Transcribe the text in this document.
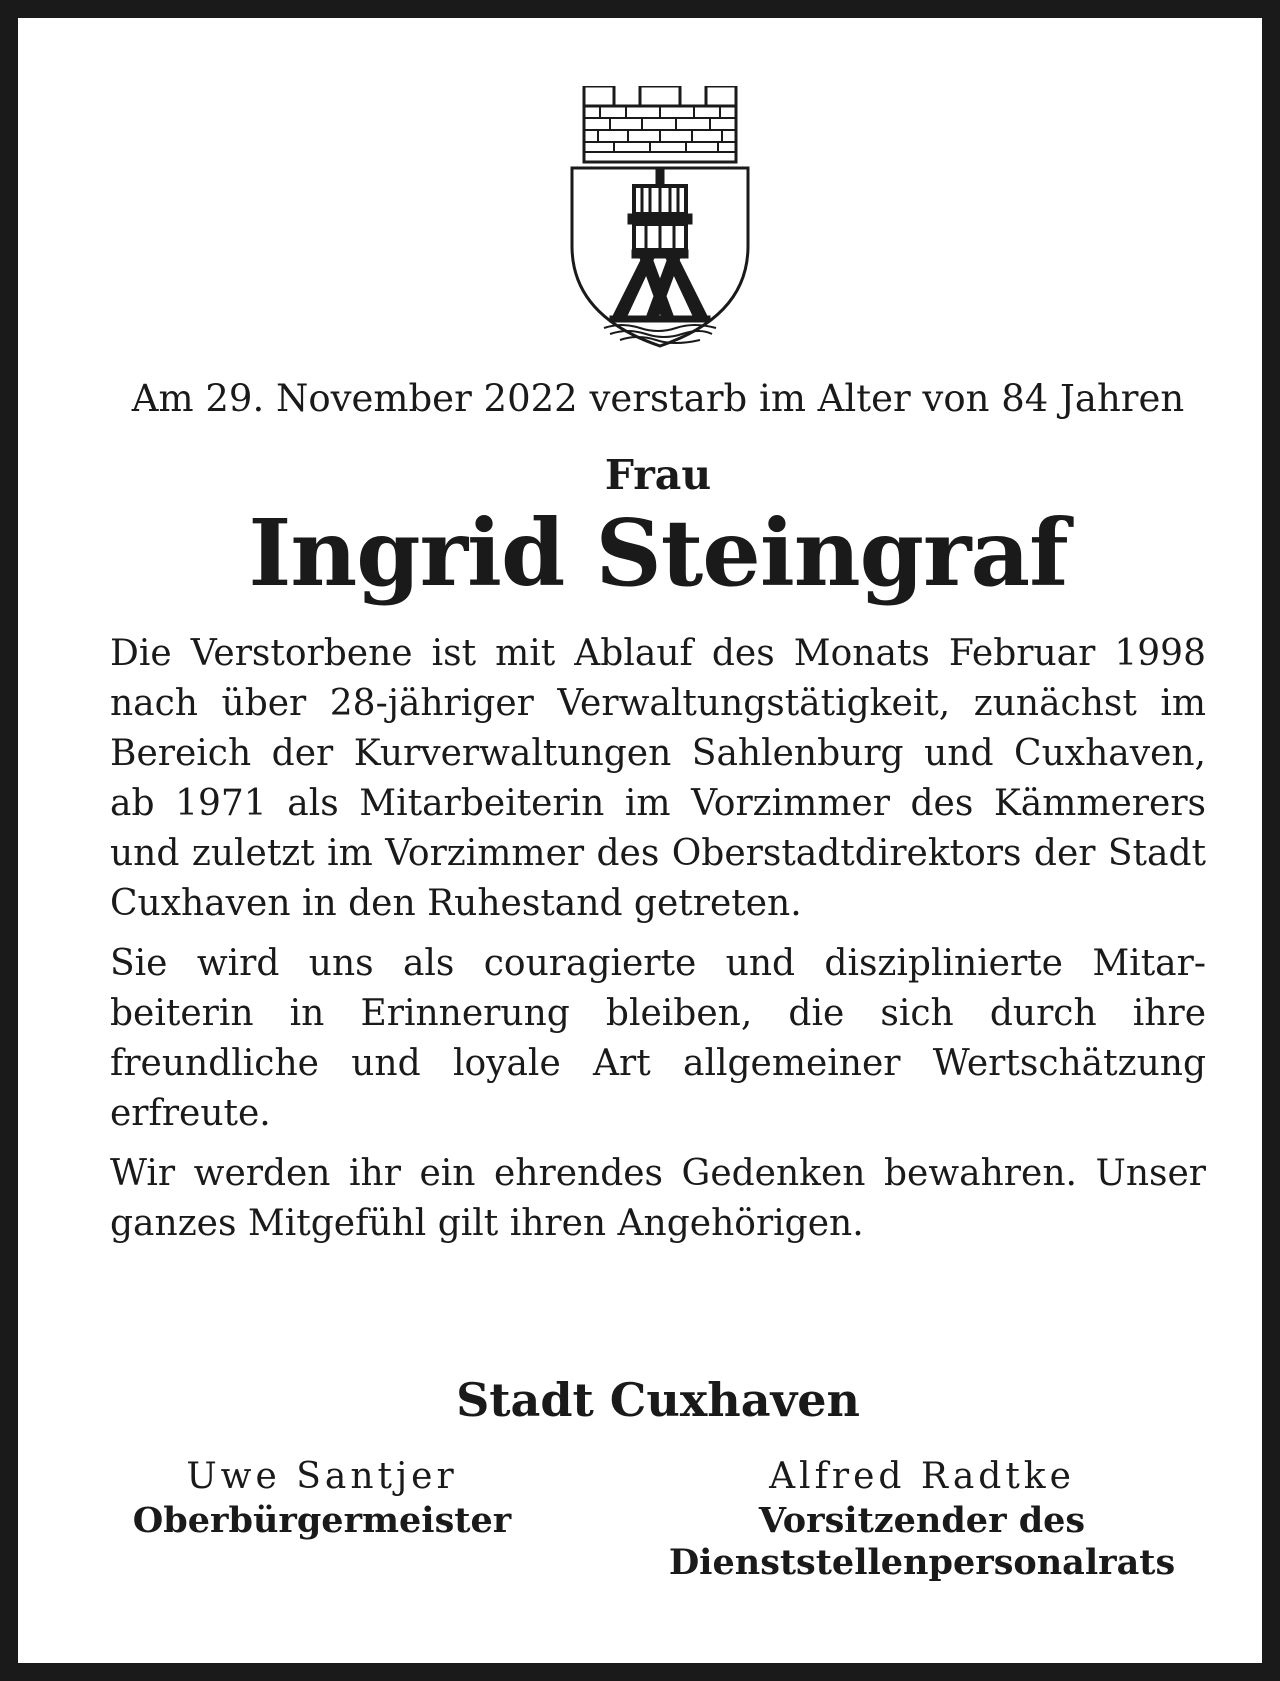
Am 29. November 2022 verstarb im Alter von 84 Jahren
Frau
Ingrid Steingraf

Die Verstorbene ist mit Ablauf des Monats Februar 1998 nach über 28-jähriger Verwaltungstätigkeit, zunächst im Bereich der Kurverwaltungen Sahlenburg und Cuxhaven, ab 1971 als Mitarbeiterin im Vorzimmer des Kämmerers und zuletzt im Vorzimmer des Oberstadtdirektors der Stadt Cuxhaven in den Ruhestand getreten.

Sie wird uns als couragierte und disziplinierte Mitarbeiterin in Erinnerung bleiben, die sich durch ihre freundliche und loyale Art allgemeiner Wertschätzung erfreute.

Wir werden ihr ein ehrendes Gedenken bewahren. Unser ganzes Mitgefühl gilt ihren Angehörigen.

Stadt Cuxhaven
Uwe Santjer
Oberbürgermeister
Alfred Radtke
Vorsitzender des Dienststellenpersonalrats
